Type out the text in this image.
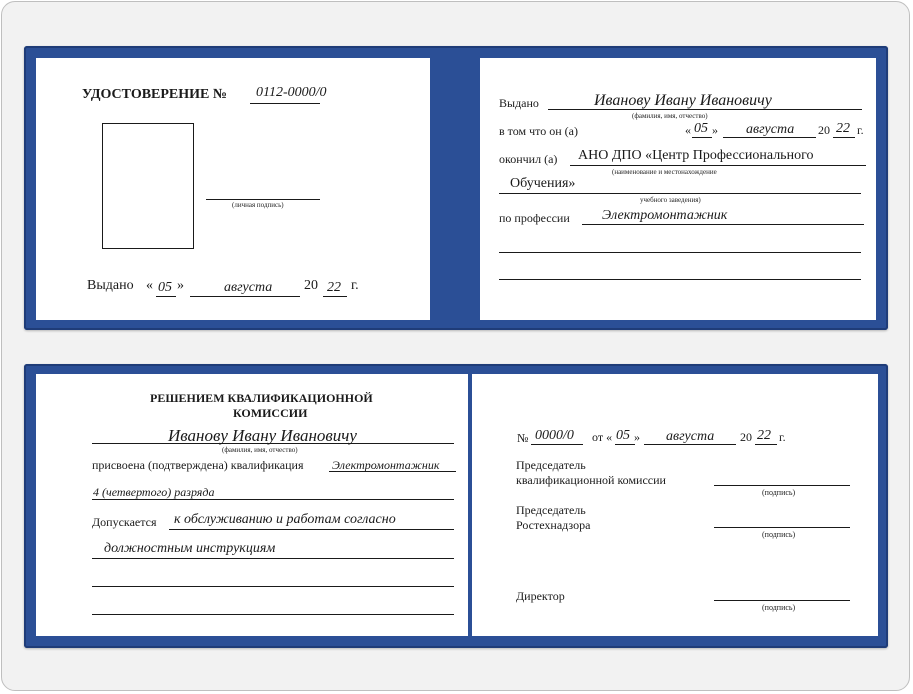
УДОСТОВЕРЕНИЕ № 0112-0000/0
(личная подпись)
Выдано « 05 »	августа 20 22 г.
Выдано	Иванову Ивану Ивановичу
(фамилия, имя, отчество)
в том что он (а)	« 05 » августа 20 22 г.
окончил (а) АНО ДПО «Центр Профессионального
(наименование и местонахождение
Обучения»
учебного заведения)
по профессии Электромонтажник
РЕШЕНИЕМ КВАЛИФИКАЦИОННОЙ
КОМИССИИ
Иванову Ивану Ивановичу
(фамилия, имя, отчество)
присвоена (подтверждена) квалификация Электромонтажник
4 (четвертого) разряда
Допускается к обслуживанию и работам согласно
должностным инструкциям
№ 0000/0 от « 05 » августа 20 22 г.
Председатель
квалификационной комиссии
(подпись)
Председатель
Ростехнадзора
(подпись)
Директор
(подпись)
